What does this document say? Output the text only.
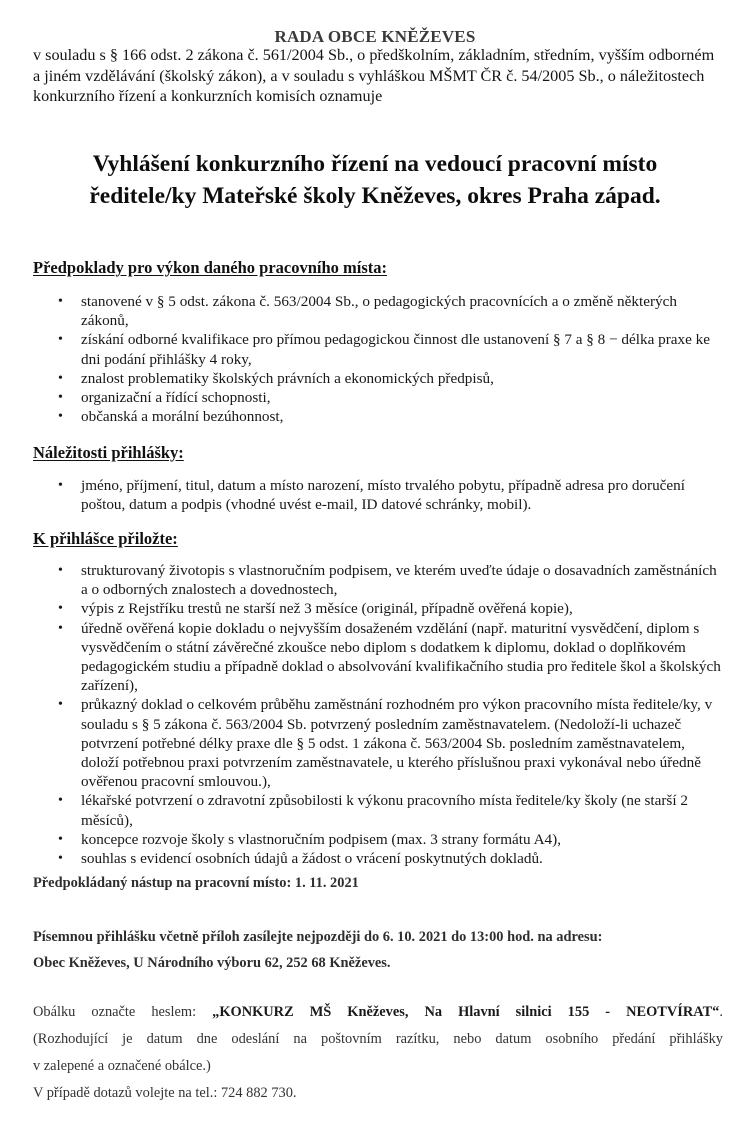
RADA OBCE KNĚŽEVES

v souladu s § 166 odst. 2 zákona č. 561/2004 Sb., o předškolním, základním, středním, vyšším odborném a jiném vzdělávání (školský zákon), a v souladu s vyhláškou MŠMT ČR č. 54/2005 Sb., o náležitostech konkurzního řízení a konkurzních komisích oznamuje

Vyhlášení konkurzního řízení na vedoucí pracovní místo
ředitele/ky Mateřské školy Kněževes, okres Praha západ.
Předpoklady pro výkon daného pracovního místa:
• stanovené v § 5 odst. zákona č. 563/2004 Sb., o pedagogických pracovnících a o změně některých zákonů,
• získání odborné kvalifikace pro přímou pedagogickou činnost dle ustanovení § 7 a § 8 − délka praxe ke dni podání přihlášky 4 roky,
• znalost problematiky školských právních a ekonomických předpisů,
• organizační a řídící schopnosti,
• občanská a morální bezúhonnost,
Náležitosti přihlášky:
• jméno, příjmení, titul, datum a místo narození, místo trvalého pobytu, případně adresa pro doručení poštou, datum a podpis (vhodné uvést e-mail, ID datové schránky, mobil).
K přihlášce přiložte:
• strukturovaný životopis s vlastnoručním podpisem, ve kterém uveďte údaje o dosavadních zaměstnáních a o odborných znalostech a dovednostech,
• výpis z Rejstříku trestů ne starší než 3 měsíce (originál, případně ověřená kopie),
• úředně ověřená kopie dokladu o nejvyšším dosaženém vzdělání (např. maturitní vysvědčení, diplom s vysvědčením o státní závěrečné zkoušce nebo diplom s dodatkem k diplomu, doklad o doplňkovém pedagogickém studiu a případně doklad o absolvování kvalifikačního studia pro ředitele škol a školských zařízení),
• průkazný doklad o celkovém průběhu zaměstnání rozhodném pro výkon pracovního místa ředitele/ky, v souladu s § 5 zákona č. 563/2004 Sb. potvrzený posledním zaměstnavatelem. (Nedoloží-li uchazeč potvrzení potřebné délky praxe dle § 5 odst. 1 zákona č. 563/2004 Sb. posledním zaměstnavatelem, doloží potřebnou praxi potvrzením zaměstnavatele, u kterého příslušnou praxi vykonával nebo úředně ověřenou pracovní smlouvou.),
• lékařské potvrzení o zdravotní způsobilosti k výkonu pracovního místa ředitele/ky školy (ne starší 2 měsíců),
• koncepce rozvoje školy s vlastnoručním podpisem (max. 3 strany formátu A4),
• souhlas s evidencí osobních údajů a žádost o vrácení poskytnutých dokladů.
Předpokládaný nástup na pracovní místo: 1. 11. 2021
Písemnou přihlášku včetně příloh zasílejte nejpozději do 6. 10. 2021 do 13:00 hod. na adresu:
Obec Kněževes, U Národního výboru 62, 252 68 Kněževes.
Obálku označte heslem: „KONKURZ MŠ Kněževes, Na Hlavní silnici 155 - NEOTVÍRAT“.
(Rozhodující je datum dne odeslání na poštovním razítku, nebo datum osobního předání přihlášky
v zalepené a označené obálce.)
V případě dotazů volejte na tel.: 724 882 730.
